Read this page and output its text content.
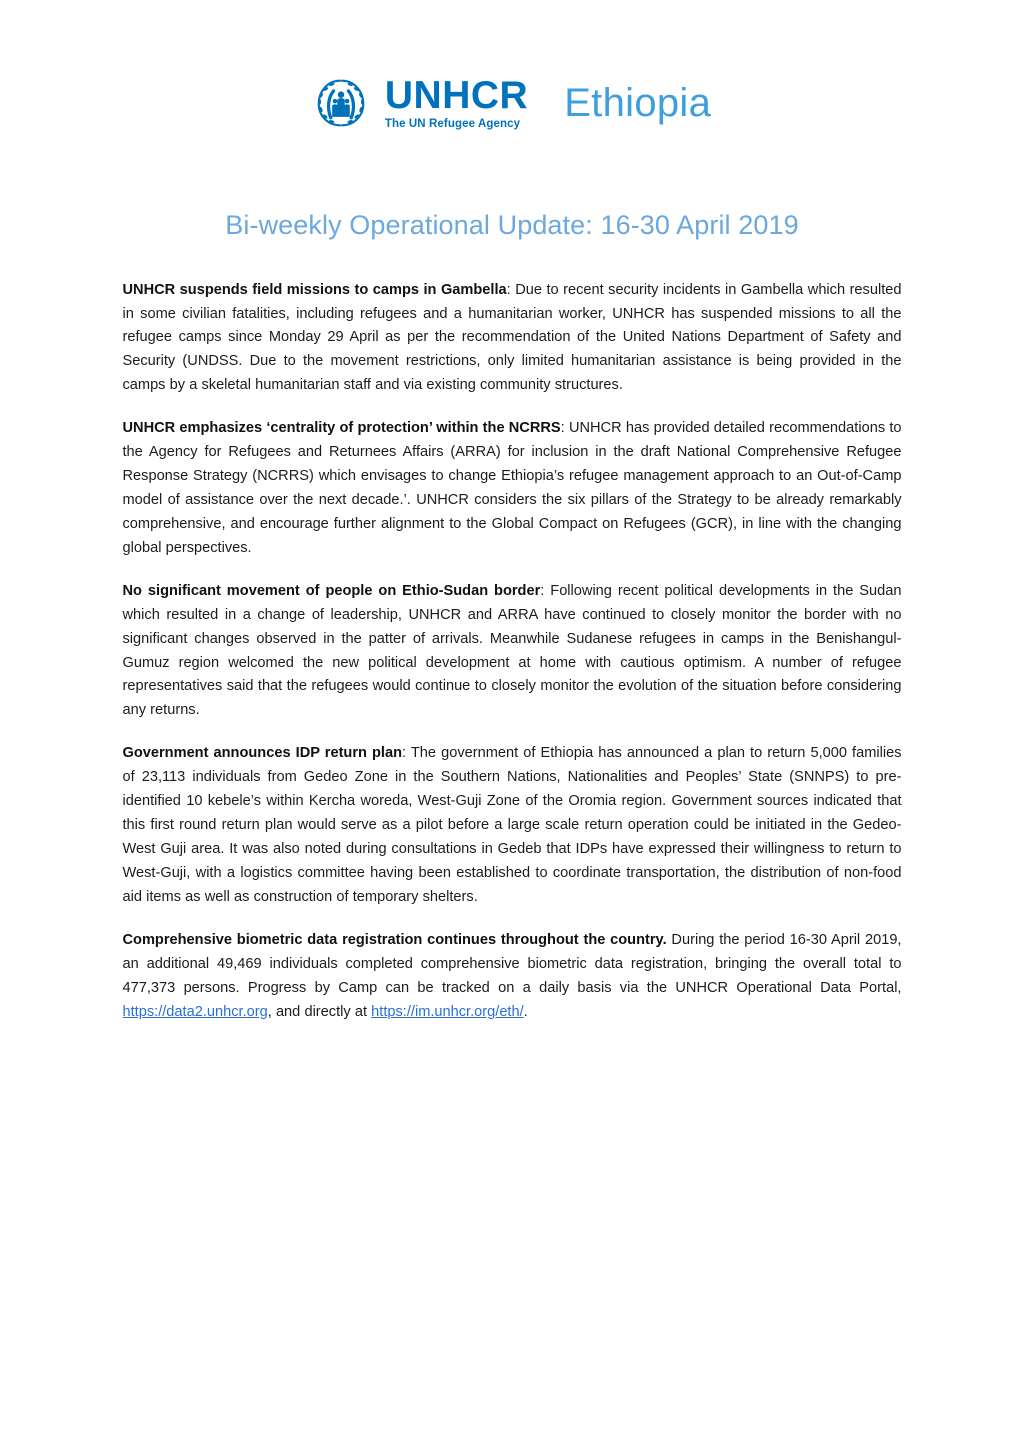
UNHCR
The UN Refugee Agency Ethiopia
Bi-weekly Operational Update: 16-30 April 2019

UNHCR suspends field missions to camps in Gambella: Due to recent security incidents in Gambella which resulted in some civilian fatalities, including refugees and a humanitarian worker, UNHCR has suspended missions to all the refugee camps since Monday 29 April as per the recommendation of the United Nations Department of Safety and Security (UNDSS. Due to the movement restrictions, only limited humanitarian assistance is being provided in the camps by a skeletal humanitarian staff and via existing community structures.

UNHCR emphasizes ‘centrality of protection’ within the NCRRS: UNHCR has provided detailed recommendations to the Agency for Refugees and Returnees Affairs (ARRA) for inclusion in the draft National Comprehensive Refugee Response Strategy (NCRRS) which envisages to change Ethiopia’s refugee management approach to an Out-of-Camp model of assistance over the next decade.’. UNHCR considers the six pillars of the Strategy to be already remarkably comprehensive, and encourage further alignment to the Global Compact on Refugees (GCR), in line with the changing global perspectives.

No significant movement of people on Ethio-Sudan border: Following recent political developments in the Sudan which resulted in a change of leadership, UNHCR and ARRA have continued to closely monitor the border with no significant changes observed in the patter of arrivals. Meanwhile Sudanese refugees in camps in the Benishangul-Gumuz region welcomed the new political development at home with cautious optimism. A number of refugee representatives said that the refugees would continue to closely monitor the evolution of the situation before considering any returns.

Government announces IDP return plan: The government of Ethiopia has announced a plan to return 5,000 families of 23,113 individuals from Gedeo Zone in the Southern Nations, Nationalities and Peoples’ State (SNNPS) to pre-identified 10 kebele’s within Kercha woreda, West-Guji Zone of the Oromia region. Government sources indicated that this first round return plan would serve as a pilot before a large scale return operation could be initiated in the Gedeo-West Guji area. It was also noted during consultations in Gedeb that IDPs have expressed their willingness to return to West-Guji, with a logistics committee having been established to coordinate transportation, the distribution of non-food aid items as well as construction of temporary shelters.

Comprehensive biometric data registration continues throughout the country. During the period 16-30 April 2019, an additional 49,469 individuals completed comprehensive biometric data registration, bringing the overall total to 477,373 persons. Progress by Camp can be tracked on a daily basis via the UNHCR Operational Data Portal, https://data2.unhcr.org, and directly at https://im.unhcr.org/eth/.
